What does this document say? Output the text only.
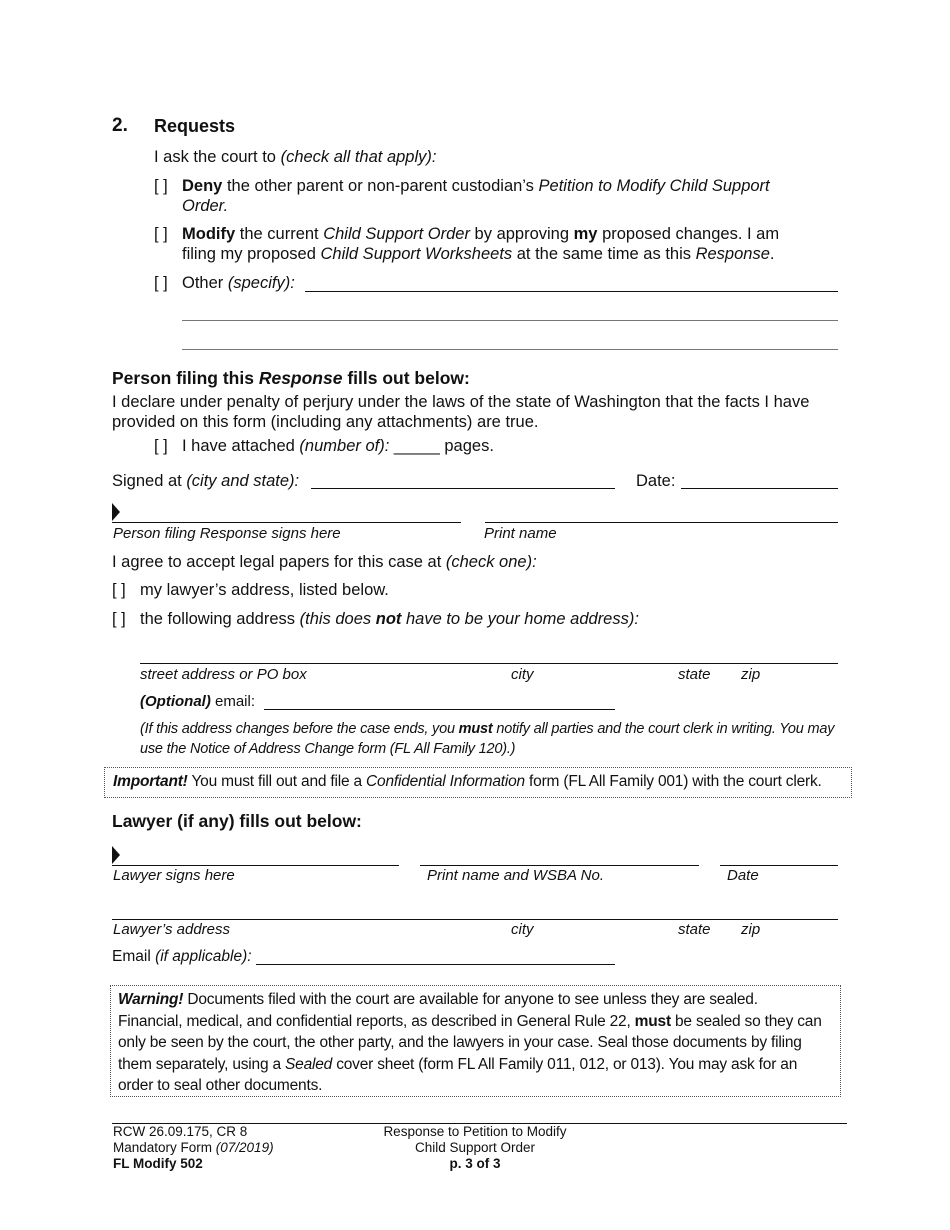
2. Requests
I ask the court to (check all that apply):
[ ] Deny the other parent or non-parent custodian’s Petition to Modify Child Support
Order.
[ ] Modify the current Child Support Order by approving my proposed changes. I am
filing my proposed Child Support Worksheets at the same time as this Response.
[ ] Other (specify):
Person filing this Response fills out below:
I declare under penalty of perjury under the laws of the state of Washington that the facts I have
provided on this form (including any attachments) are true.
[ ] I have attached (number of): _____ pages.
Signed at (city and state):	Date:
Person filing Response signs here	Print name
I agree to accept legal papers for this case at (check one):
[ ] my lawyer’s address, listed below.
[ ] the following address (this does not have to be your home address):
street address or PO box	city	state zip
(Optional) email:
(If this address changes before the case ends, you must notify all parties and the court clerk in writing. You may
use the Notice of Address Change form (FL All Family 120).)
Important! You must fill out and file a Confidential Information form (FL All Family 001) with the court clerk.
Lawyer (if any) fills out below:
Lawyer signs here	Print name and WSBA No.	Date
Lawyer’s address	city	state zip
Email (if applicable):
Warning! Documents filed with the court are available for anyone to see unless they are sealed.
Financial, medical, and confidential reports, as described in General Rule 22, must be sealed so they can
only be seen by the court, the other party, and the lawyers in your case. Seal those documents by filing
them separately, using a Sealed cover sheet (form FL All Family 011, 012, or 013). You may ask for an
order to seal other documents.
RCW 26.09.175, CR 8
Mandatory Form (07/2019)
FL Modify 502
Response to Petition to Modify
Child Support Order
p. 3 of 3
